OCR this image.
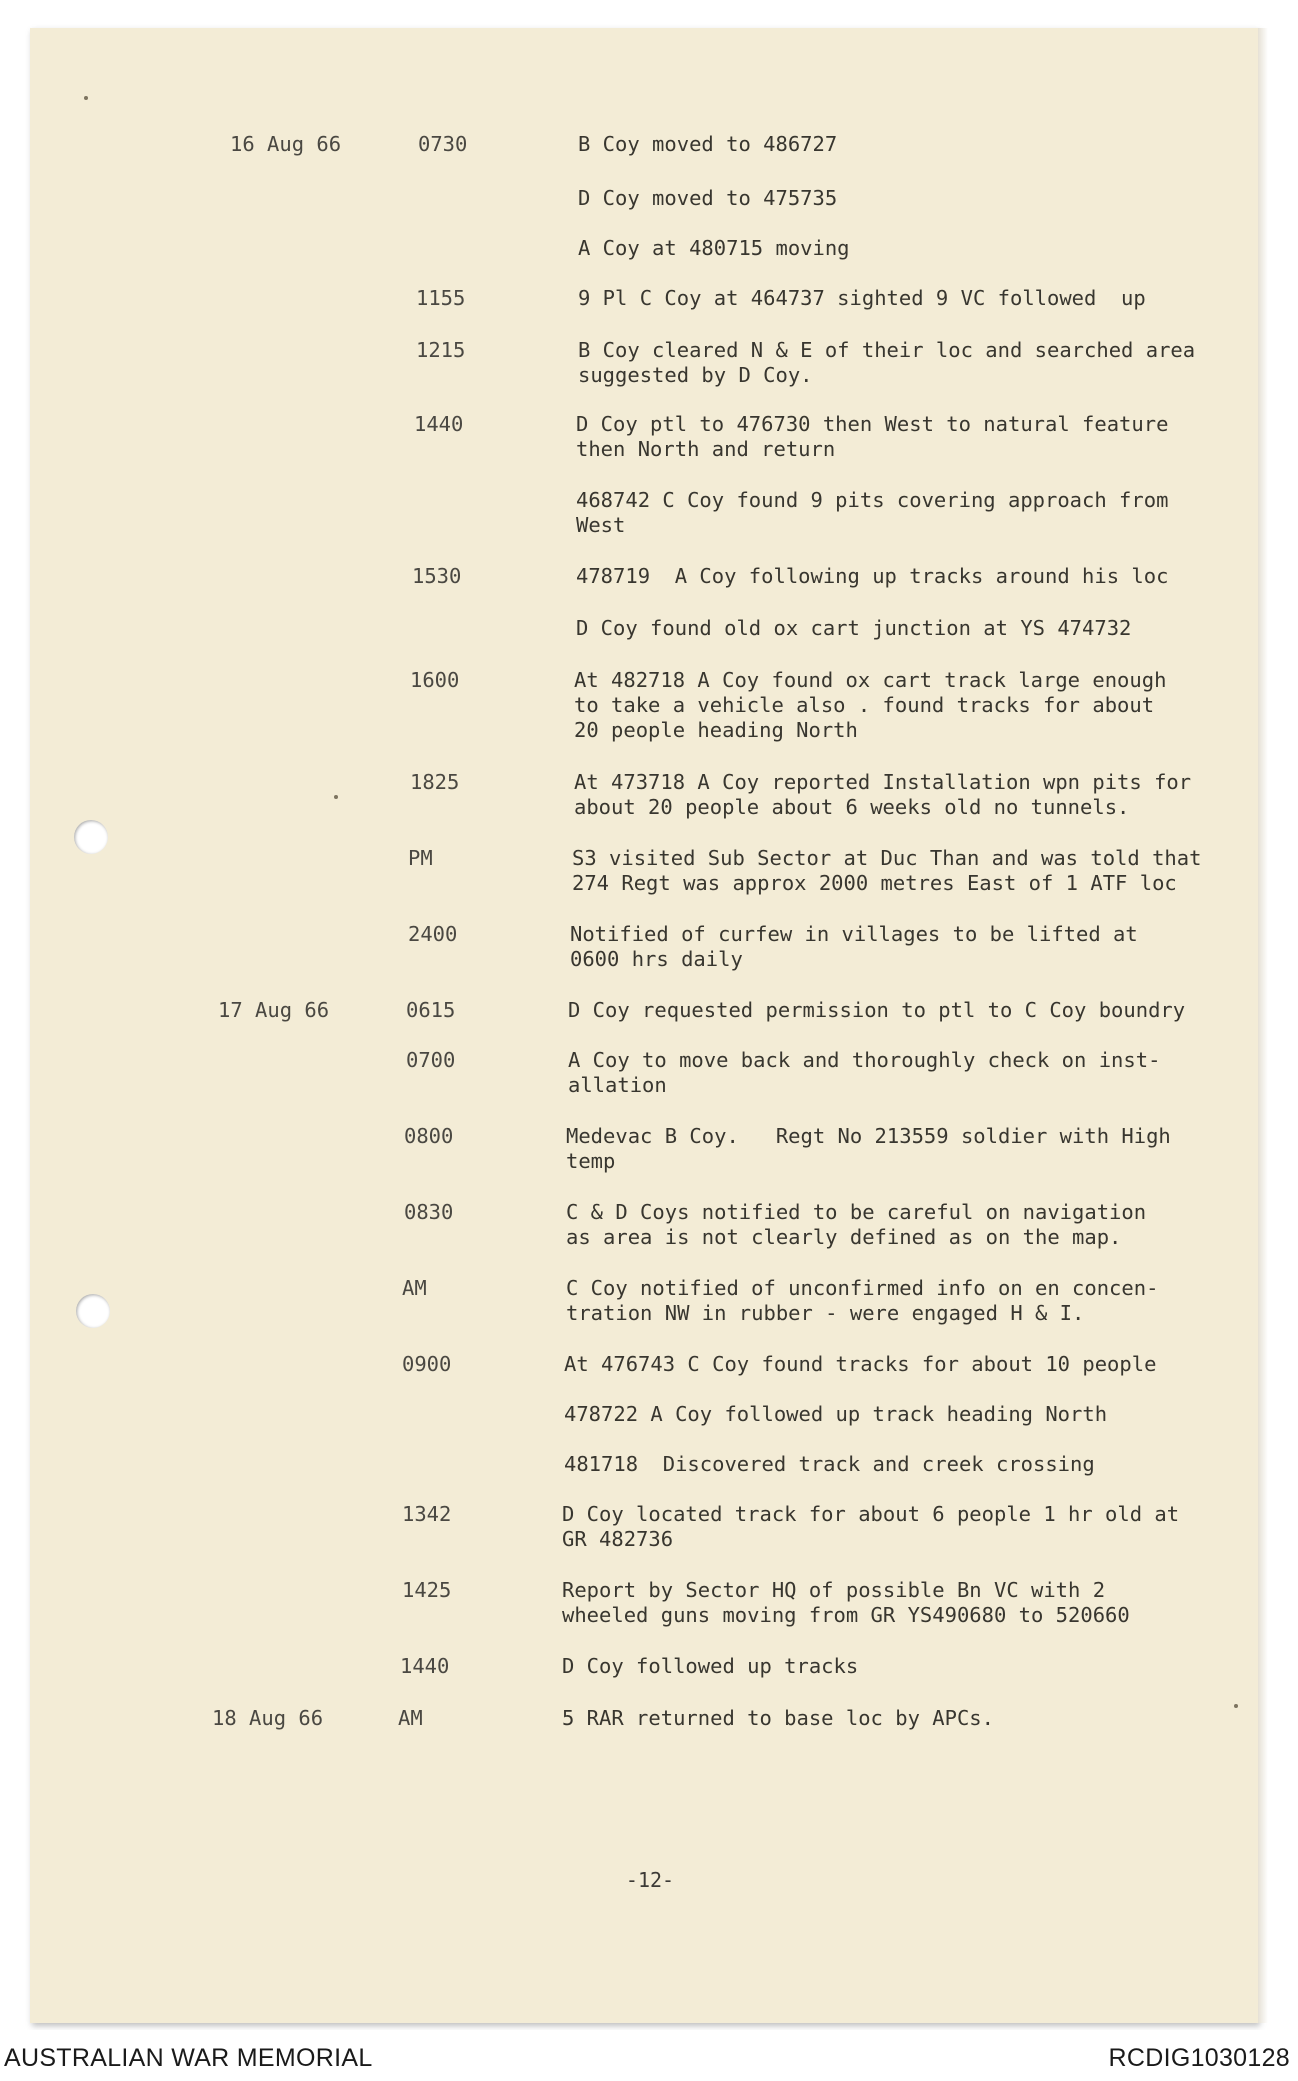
16 Aug 66	0730	B Coy moved to 486727
D Coy moved to 475735
A Coy at 480715 moving
1155	9 Pl C Coy at 464737 sighted 9 VC followed  up
1215	B Coy cleared N & E of their loc and searched area
suggested by D Coy.
1440	D Coy ptl to 476730 then West to natural feature
then North and return
468742 C Coy found 9 pits covering approach from
West
1530	478719  A Coy following up tracks around his loc
D Coy found old ox cart junction at YS 474732
1600	At 482718 A Coy found ox cart track large enough
to take a vehicle also . found tracks for about
20 people heading North
1825	At 473718 A Coy reported Installation wpn pits for
about 20 people about 6 weeks old no tunnels.
PM	S3 visited Sub Sector at Duc Than and was told that
274 Regt was approx 2000 metres East of 1 ATF loc
2400	Notified of curfew in villages to be lifted at
0600 hrs daily
17 Aug 66	0615	D Coy requested permission to ptl to C Coy boundry
0700	A Coy to move back and thoroughly check on inst-
allation
0800	Medevac B Coy.   Regt No 213559 soldier with High
temp
0830	C & D Coys notified to be careful on navigation
as area is not clearly defined as on the map.
AM	C Coy notified of unconfirmed info on en concen-
tration NW in rubber - were engaged H & I.
0900	At 476743 C Coy found tracks for about 10 people
478722 A Coy followed up track heading North
481718  Discovered track and creek crossing
1342	D Coy located track for about 6 people 1 hr old at
GR 482736
1425	Report by Sector HQ of possible Bn VC with 2
wheeled guns moving from GR YS490680 to 520660
1440	D Coy followed up tracks
18 Aug 66	AM	5 RAR returned to base loc by APCs.
-12-
AUSTRALIAN WAR MEMORIAL	RCDIG1030128
